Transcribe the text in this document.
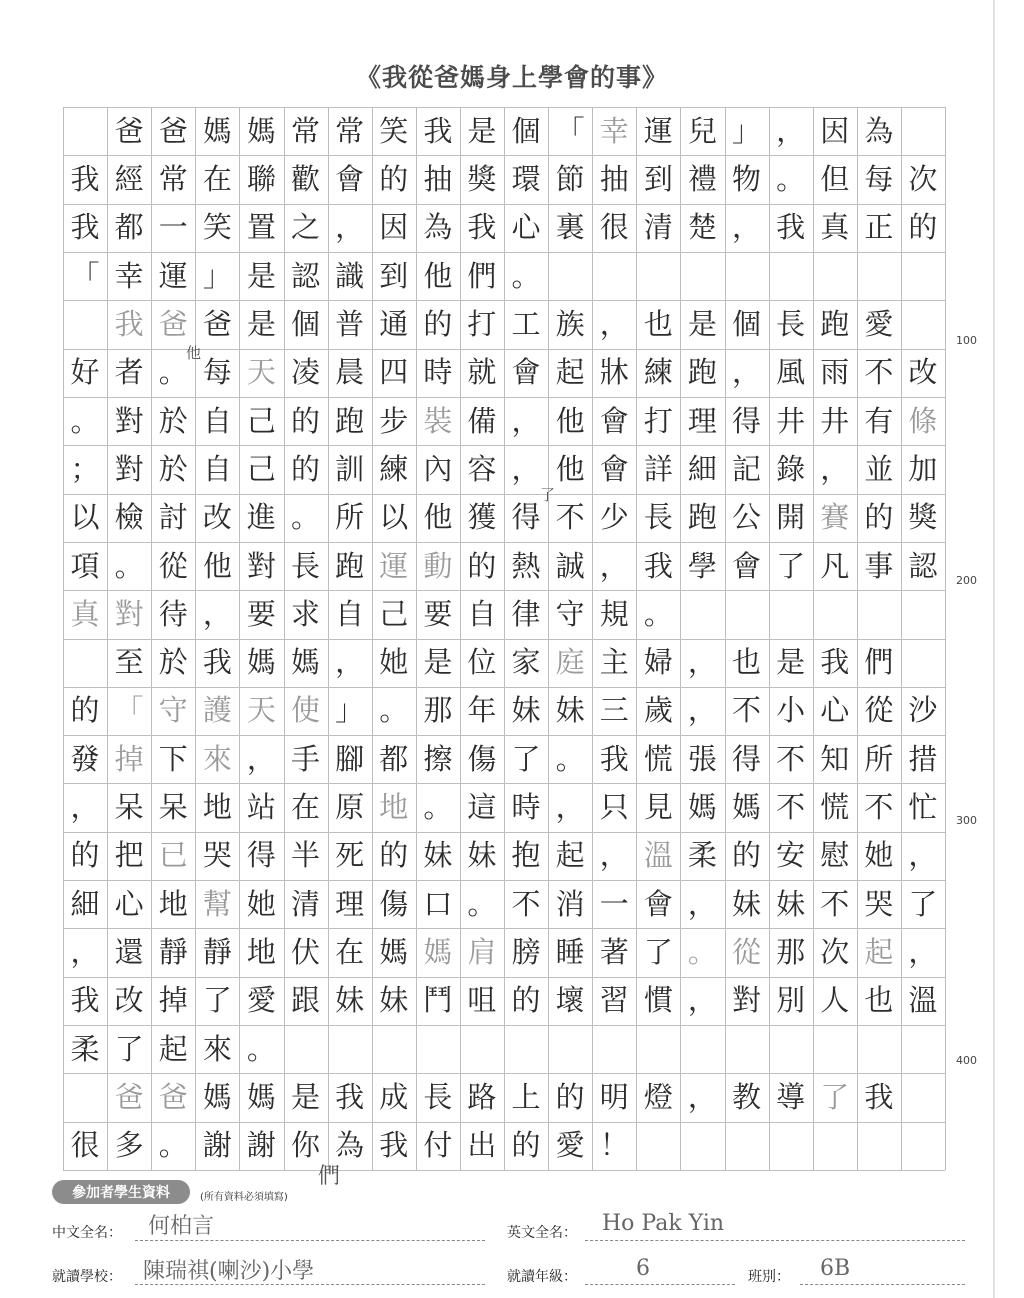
《我從爸媽身上學會的事》
爸 爸 媽 媽 常 常 笑 我 是 個 「 幸 運 兒 」 ， 因 為
我 經 常 在 聯 歡 會 的 抽 獎 環 節 抽 到 禮 物 。 但 每 次
我 都 一 笑 置 之 ， 因 為 我 心 裏 很 清 楚 ， 我 真 正 的
「 幸 運 」 是 認 識 到 他 們 。
我 爸 爸 是 個 普 通 的 打 工 族 ， 也 是 個 長 跑 愛
好 者 。 每 天 凌 晨 四 時 就 會 起 牀 練 跑 ， 風 雨 不 改
。 對 於 自 己 的 跑 步 裝 備 ， 他 會 打 理 得 井 井 有 條
； 對 於 自 己 的 訓 練 內 容 ， 他 會 詳 細 記 錄 ， 並 加
以 檢 討 改 進 。 所 以 他 獲 得 不 少 長 跑 公 開 賽 的 獎
項 。 從 他 對 長 跑 運 動 的 熱 誠 ， 我 學 會 了 凡 事 認
真 對 待 ， 要 求 自 己 要 自 律 守 規 。
至 於 我 媽 媽 ， 她 是 位 家 庭 主 婦 ， 也 是 我 們
的 「 守 護 天 使 」 。 那 年 妹 妹 三 歲 ， 不 小 心 從 沙
發 掉 下 來 ， 手 腳 都 擦 傷 了 。 我 慌 張 得 不 知 所 措
， 呆 呆 地 站 在 原 地 。 這 時 ， 只 見 媽 媽 不 慌 不 忙
的 把 已 哭 得 半 死 的 妹 妹 抱 起 ， 溫 柔 的 安 慰 她 ，
細 心 地 幫 她 清 理 傷 口 。 不 消 一 會 ， 妹 妹 不 哭 了
， 還 靜 靜 地 伏 在 媽 媽 肩 膀 睡 著 了 。 從 那 次 起 ，
我 改 掉 了 愛 跟 妹 妹 鬥 咀 的 壞 習 慣 ， 對 別 人 也 溫
柔 了 起 來 。
爸 爸 媽 媽 是 我 成 長 路 上 的 明 燈 ， 教 導 了 我
很 多 。 謝 謝 你 為 我 付 出 的 愛 ！
100
200
300
400
他
了
們
參加者學生資料	(所有資料必須填寫)
中文全名： 何柏言	英文全名： Ho Pak Yin
就讀學校： 陳瑞祺(喇沙)小學	就讀年級：	6	班別： 6B
